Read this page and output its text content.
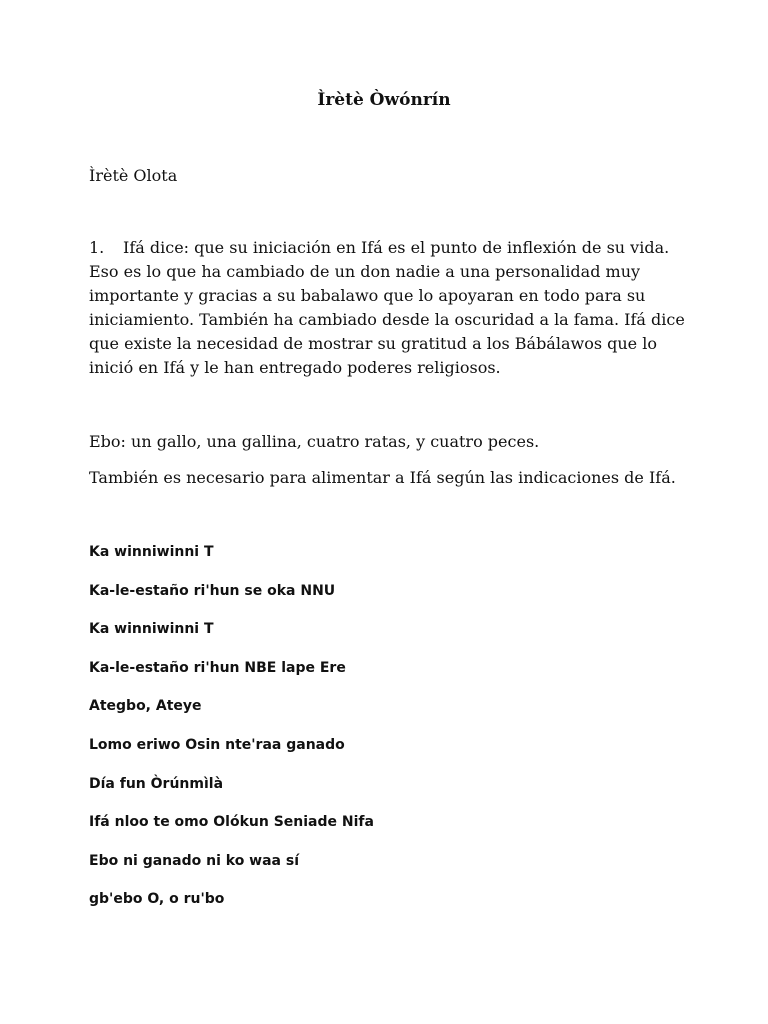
Ìrètè Òwónrín
Ìrètè Olota
1. Ifá dice: que su iniciación en Ifá es el punto de inflexión de su vida. Eso es lo que ha cambiado de un don nadie a una personalidad muy importante y gracias a su babalawo que lo apoyaran en todo para su iniciamiento. También ha cambiado desde la oscuridad a la fama. Ifá dice que existe la necesidad de mostrar su gratitud a los Bábálawos que lo inició en Ifá y le han entregado poderes religiosos.

Ebo: un gallo, una gallina, cuatro ratas, y cuatro peces.

También es necesario para alimentar a Ifá según las indicaciones de Ifá.

Ka winniwinni T
Ka-le-estaño ri'hun se oka NNU
Ka winniwinni T
Ka-le-estaño ri'hun NBE lape Ere
Ategbo, Ateye
Lomo eriwo Osin nte'raa ganado
Día fun Òrúnmìlà
Ifá nloo te omo Olókun Seniade Nifa
Ebo ni ganado ni ko waa sí
gb'ebo O, o ru'bo
